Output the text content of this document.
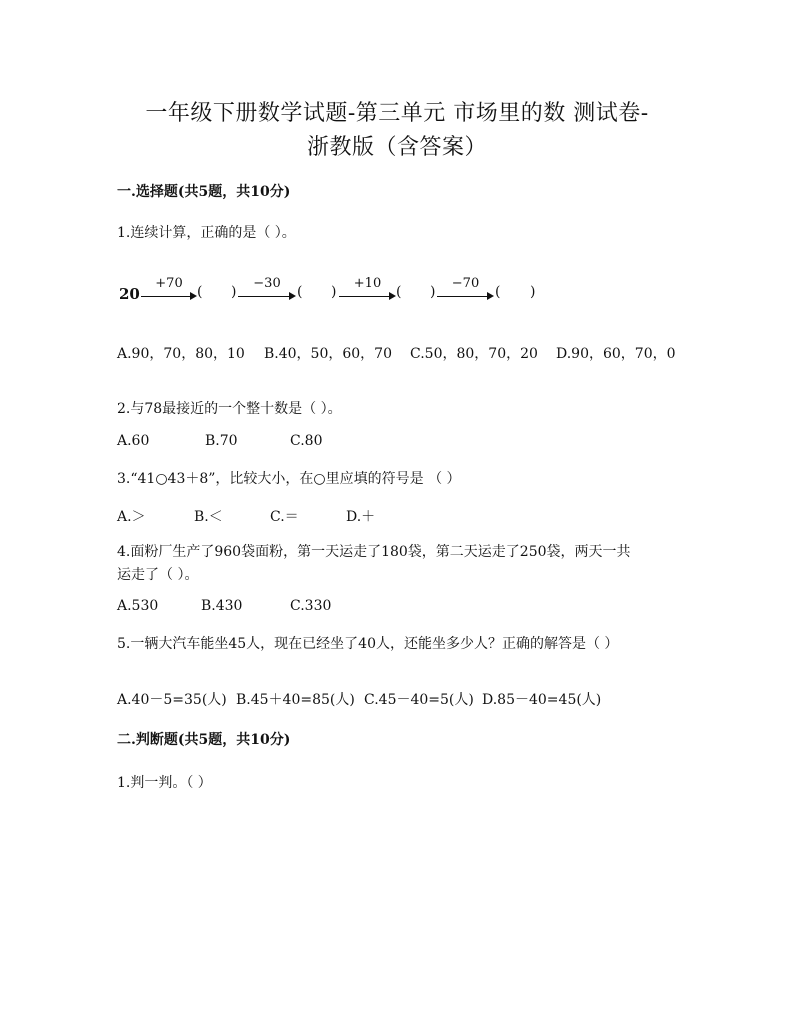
一年级下册数学试题-第三单元 市场里的数 测试卷-
浙教版（含答案）
一.选择题(共5题，共10分)
1.连续计算，正确的是（ ）。
20
+70
( )
−30
( )
+10
( )
−70
( )
A.90，70，80，10 B.40，50，60，70 C.50，80，70，20 D.90，60，70，0
2.与78最接近的一个整十数是（ ）。
A.60	B.70	C.80
3.“41○43＋8”，比较大小，在○里应填的符号是 （ ）
A.＞	B.＜	C.＝	D.＋
4.面粉厂生产了960袋面粉，第一天运走了180袋，第二天运走了250袋，两天一共
运走了（ ）。
A.530	B.430	C.330
5.一辆大汽车能坐45人，现在已经坐了40人，还能坐多少人？正确的解答是（ ）
A.40－5=35(人) B.45＋40=85(人) C.45－40=5(人) D.85－40=45(人)
二.判断题(共5题，共10分)
1.判一判。（ ）
